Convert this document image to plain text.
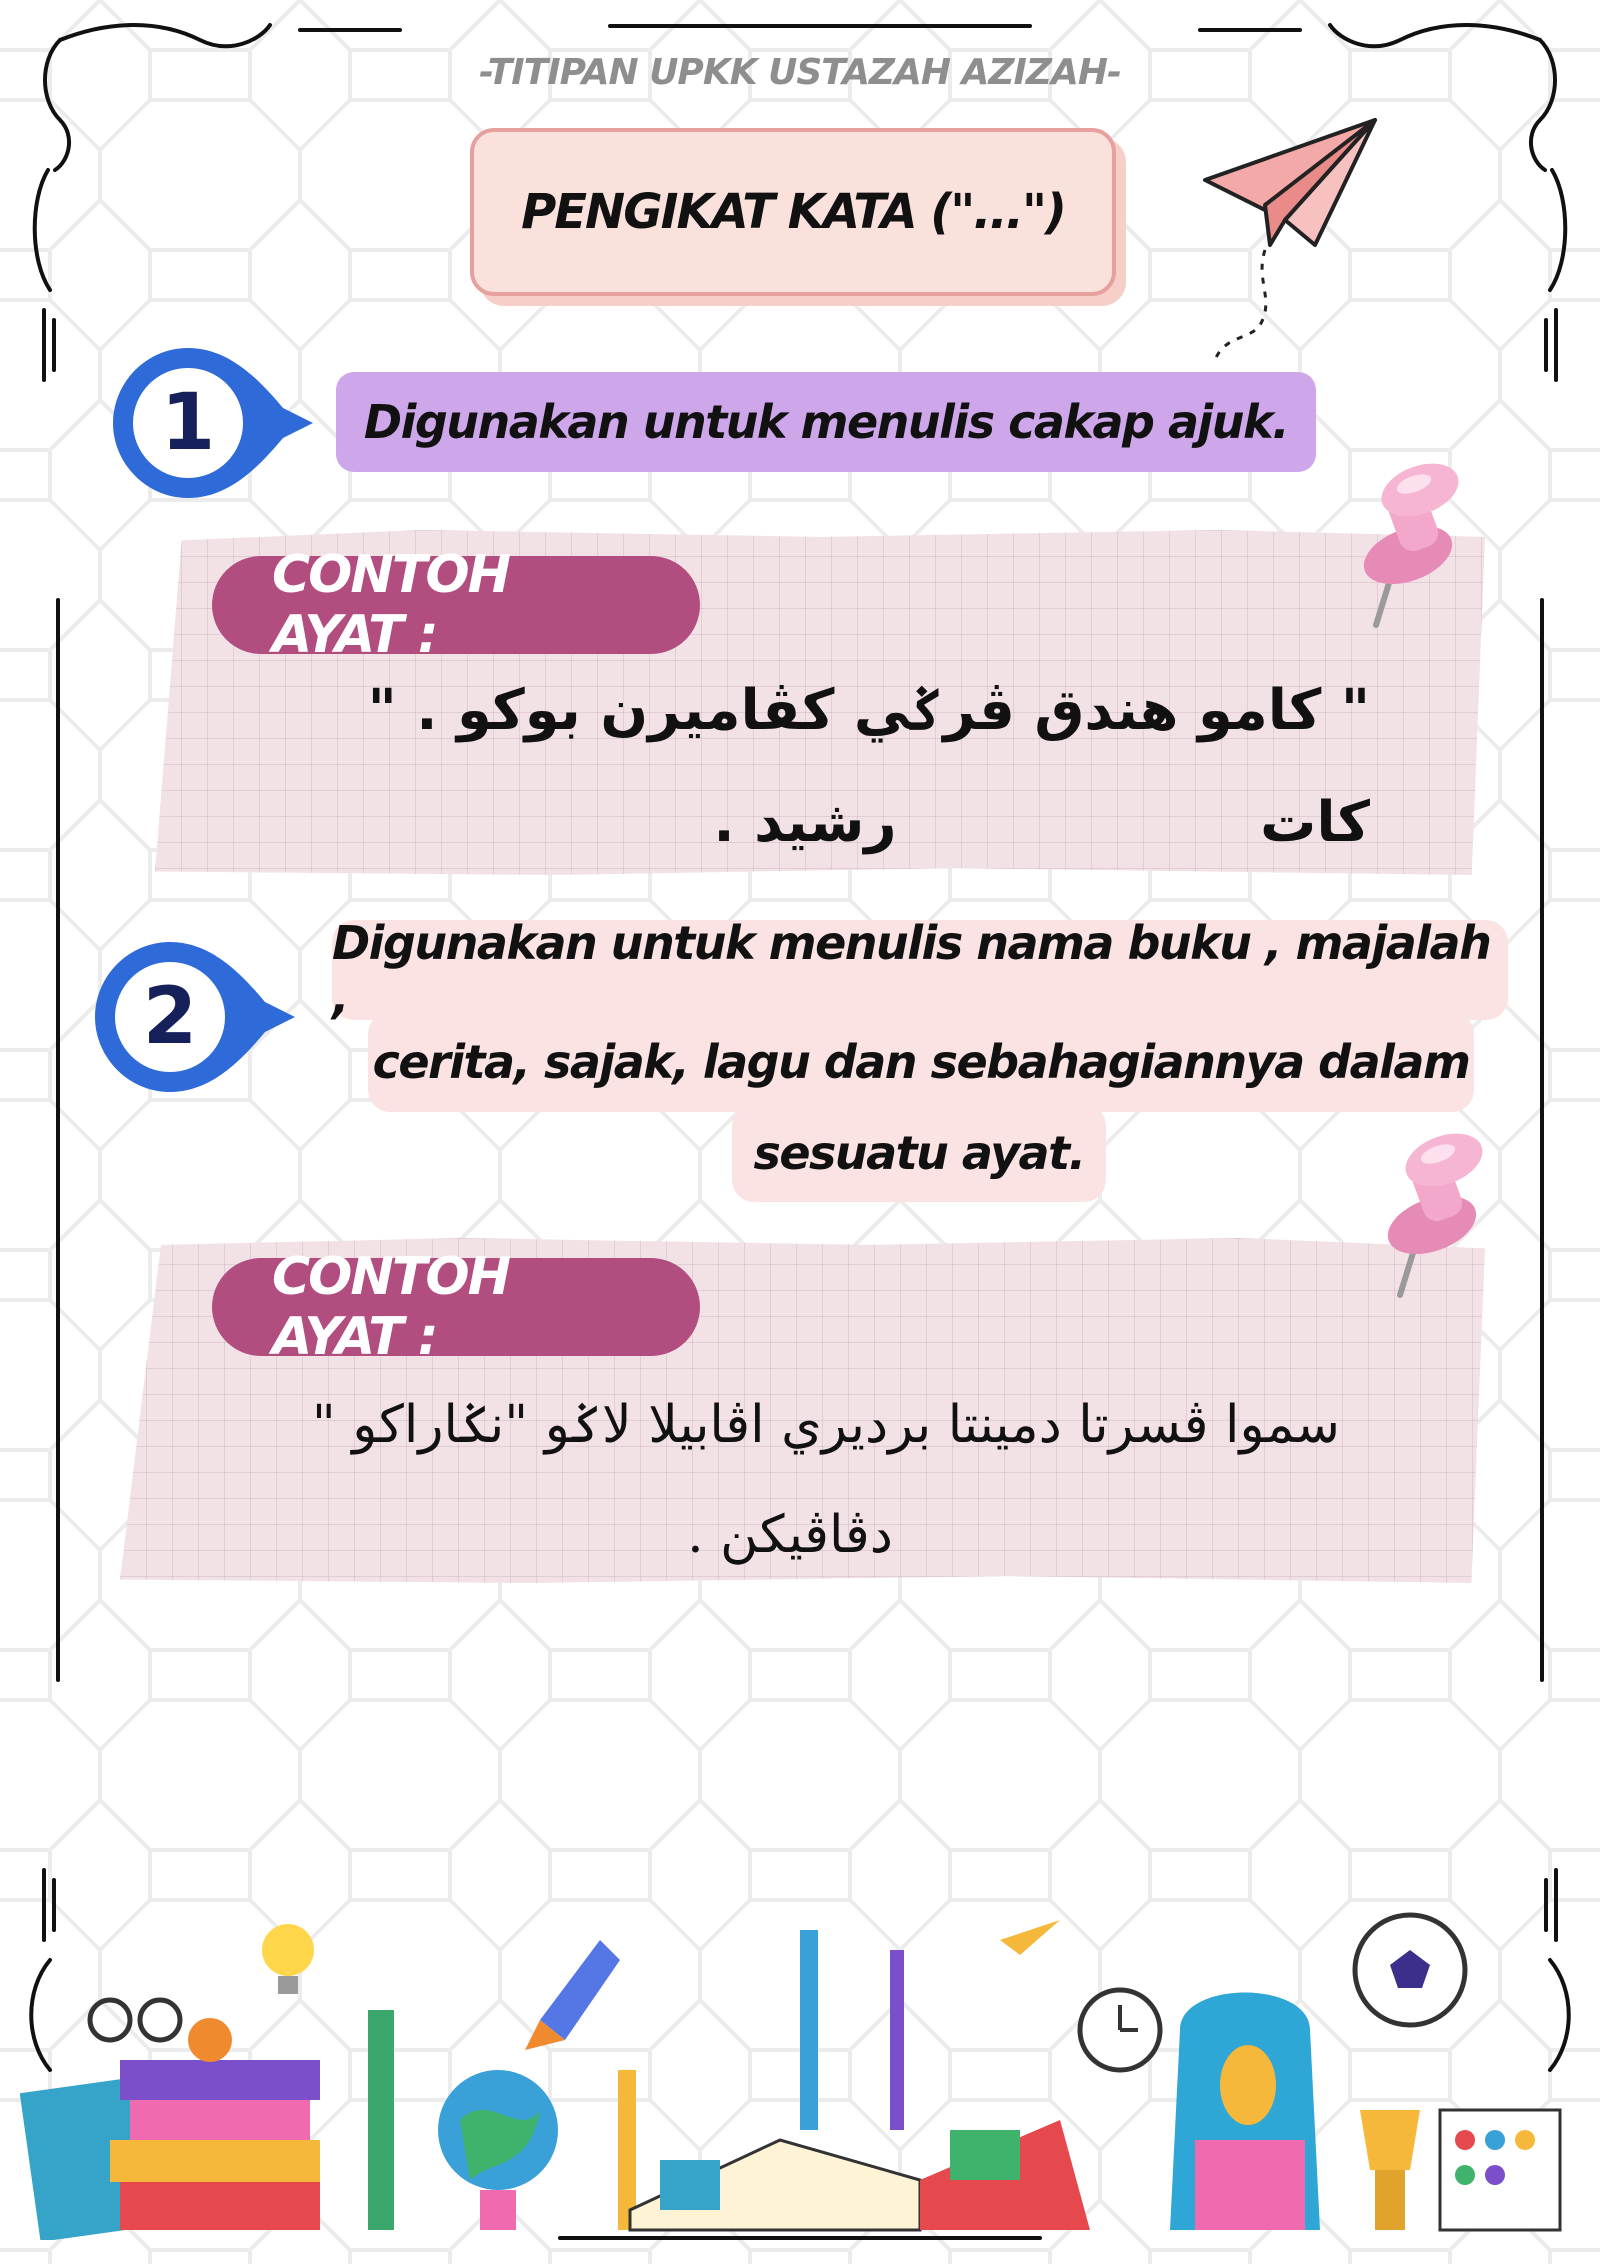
-TITIPAN UPKK USTAZAH AZIZAH-
PENGIKAT KATA ("...")
1	Digunakan untuk menulis cakap ajuk.
CONTOH AYAT :
" كامو هندق ڤرݢي كڤاميرن بوكو . " كات
رشيد .
2
Digunakan untuk menulis nama buku , majalah ,
cerita, sajak, lagu dan sebahagiannya dalam
sesuatu ayat.
CONTOH AYAT :
سموا ڤسرتا دمينتا برديري اڤابيلا لاݢو "نݢاراكو "
دڤاڤيكن .
